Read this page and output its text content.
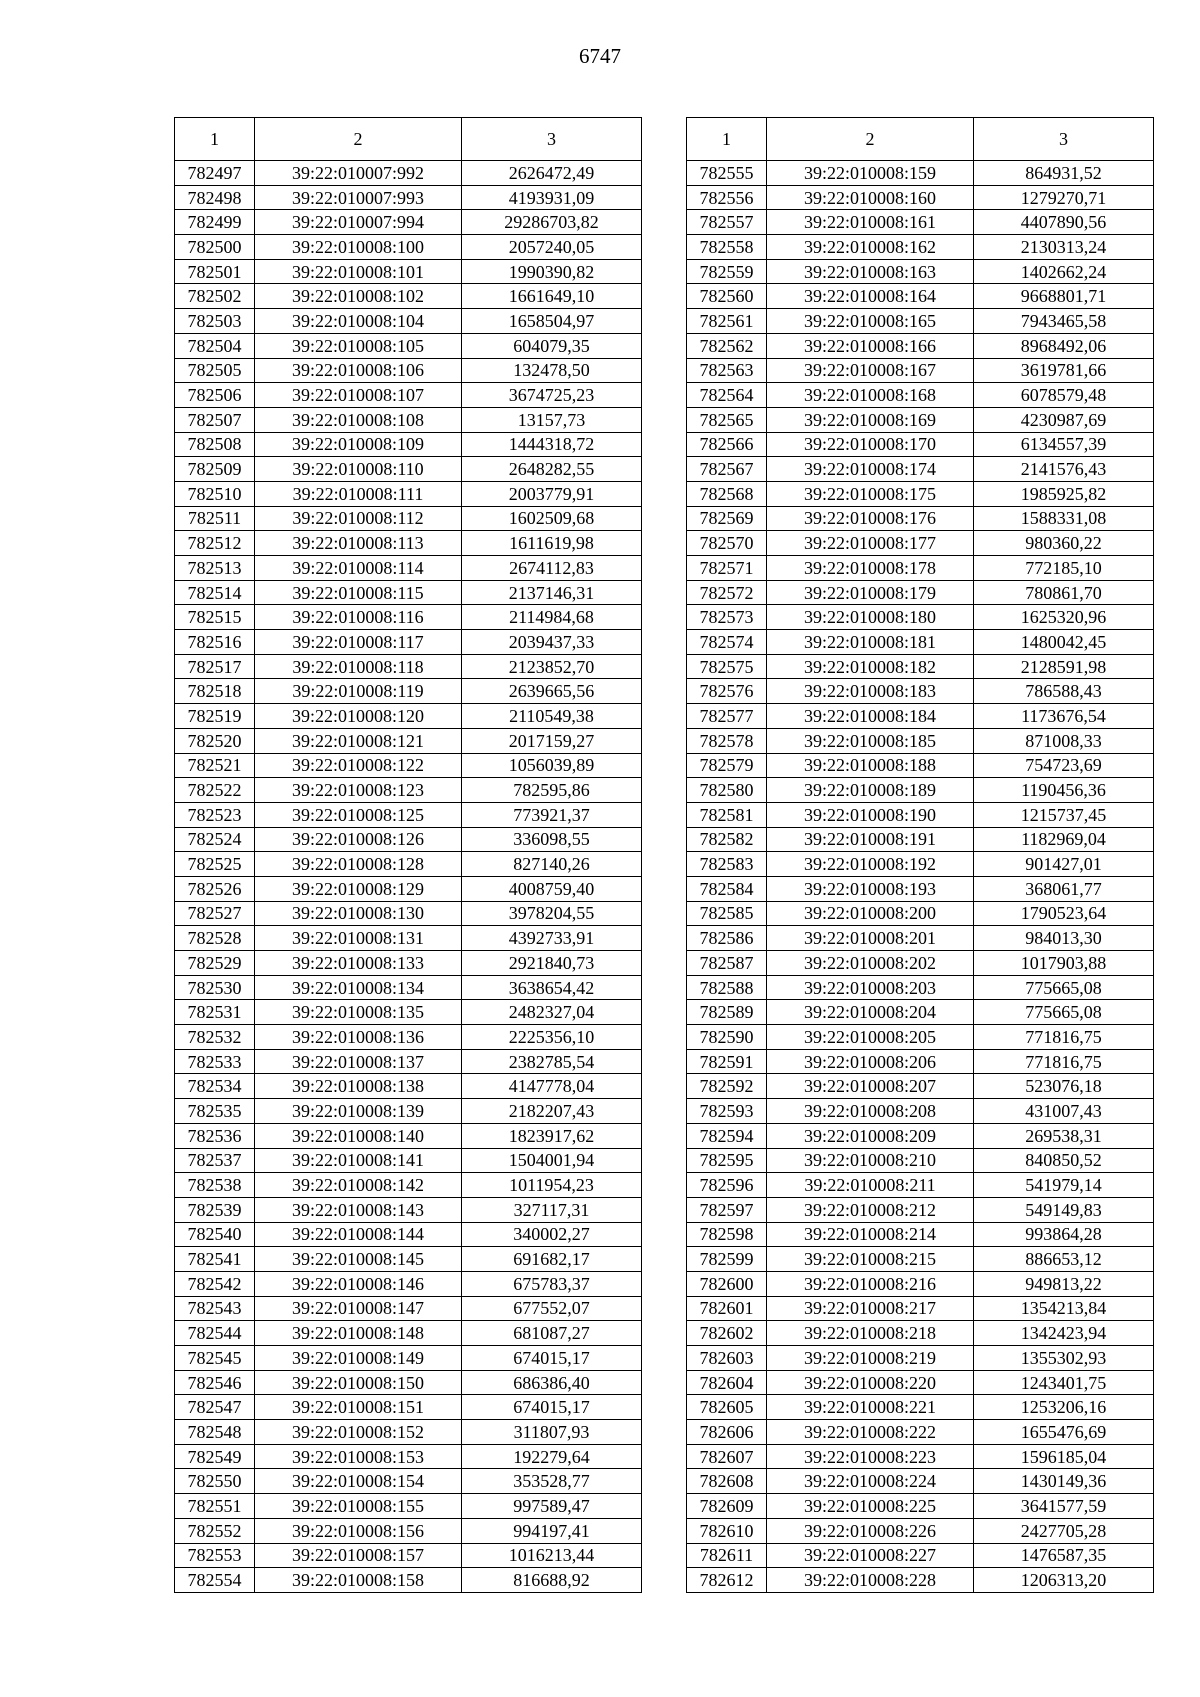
6747
1	2	3
782497	39:22:010007:992	2626472,49
782498	39:22:010007:993	4193931,09
782499	39:22:010007:994	29286703,82
782500	39:22:010008:100	2057240,05
782501	39:22:010008:101	1990390,82
782502	39:22:010008:102	1661649,10
782503	39:22:010008:104	1658504,97
782504	39:22:010008:105	604079,35
782505	39:22:010008:106	132478,50
782506	39:22:010008:107	3674725,23
782507	39:22:010008:108	13157,73
782508	39:22:010008:109	1444318,72
782509	39:22:010008:110	2648282,55
782510	39:22:010008:111	2003779,91
782511	39:22:010008:112	1602509,68
782512	39:22:010008:113	1611619,98
782513	39:22:010008:114	2674112,83
782514	39:22:010008:115	2137146,31
782515	39:22:010008:116	2114984,68
782516	39:22:010008:117	2039437,33
782517	39:22:010008:118	2123852,70
782518	39:22:010008:119	2639665,56
782519	39:22:010008:120	2110549,38
782520	39:22:010008:121	2017159,27
782521	39:22:010008:122	1056039,89
782522	39:22:010008:123	782595,86
782523	39:22:010008:125	773921,37
782524	39:22:010008:126	336098,55
782525	39:22:010008:128	827140,26
782526	39:22:010008:129	4008759,40
782527	39:22:010008:130	3978204,55
782528	39:22:010008:131	4392733,91
782529	39:22:010008:133	2921840,73
782530	39:22:010008:134	3638654,42
782531	39:22:010008:135	2482327,04
782532	39:22:010008:136	2225356,10
782533	39:22:010008:137	2382785,54
782534	39:22:010008:138	4147778,04
782535	39:22:010008:139	2182207,43
782536	39:22:010008:140	1823917,62
782537	39:22:010008:141	1504001,94
782538	39:22:010008:142	1011954,23
782539	39:22:010008:143	327117,31
782540	39:22:010008:144	340002,27
782541	39:22:010008:145	691682,17
782542	39:22:010008:146	675783,37
782543	39:22:010008:147	677552,07
782544	39:22:010008:148	681087,27
782545	39:22:010008:149	674015,17
782546	39:22:010008:150	686386,40
782547	39:22:010008:151	674015,17
782548	39:22:010008:152	311807,93
782549	39:22:010008:153	192279,64
782550	39:22:010008:154	353528,77
782551	39:22:010008:155	997589,47
782552	39:22:010008:156	994197,41
782553	39:22:010008:157	1016213,44
782554	39:22:010008:158	816688,92
1	2	3
782555	39:22:010008:159	864931,52
782556	39:22:010008:160	1279270,71
782557	39:22:010008:161	4407890,56
782558	39:22:010008:162	2130313,24
782559	39:22:010008:163	1402662,24
782560	39:22:010008:164	9668801,71
782561	39:22:010008:165	7943465,58
782562	39:22:010008:166	8968492,06
782563	39:22:010008:167	3619781,66
782564	39:22:010008:168	6078579,48
782565	39:22:010008:169	4230987,69
782566	39:22:010008:170	6134557,39
782567	39:22:010008:174	2141576,43
782568	39:22:010008:175	1985925,82
782569	39:22:010008:176	1588331,08
782570	39:22:010008:177	980360,22
782571	39:22:010008:178	772185,10
782572	39:22:010008:179	780861,70
782573	39:22:010008:180	1625320,96
782574	39:22:010008:181	1480042,45
782575	39:22:010008:182	2128591,98
782576	39:22:010008:183	786588,43
782577	39:22:010008:184	1173676,54
782578	39:22:010008:185	871008,33
782579	39:22:010008:188	754723,69
782580	39:22:010008:189	1190456,36
782581	39:22:010008:190	1215737,45
782582	39:22:010008:191	1182969,04
782583	39:22:010008:192	901427,01
782584	39:22:010008:193	368061,77
782585	39:22:010008:200	1790523,64
782586	39:22:010008:201	984013,30
782587	39:22:010008:202	1017903,88
782588	39:22:010008:203	775665,08
782589	39:22:010008:204	775665,08
782590	39:22:010008:205	771816,75
782591	39:22:010008:206	771816,75
782592	39:22:010008:207	523076,18
782593	39:22:010008:208	431007,43
782594	39:22:010008:209	269538,31
782595	39:22:010008:210	840850,52
782596	39:22:010008:211	541979,14
782597	39:22:010008:212	549149,83
782598	39:22:010008:214	993864,28
782599	39:22:010008:215	886653,12
782600	39:22:010008:216	949813,22
782601	39:22:010008:217	1354213,84
782602	39:22:010008:218	1342423,94
782603	39:22:010008:219	1355302,93
782604	39:22:010008:220	1243401,75
782605	39:22:010008:221	1253206,16
782606	39:22:010008:222	1655476,69
782607	39:22:010008:223	1596185,04
782608	39:22:010008:224	1430149,36
782609	39:22:010008:225	3641577,59
782610	39:22:010008:226	2427705,28
782611	39:22:010008:227	1476587,35
782612	39:22:010008:228	1206313,20
